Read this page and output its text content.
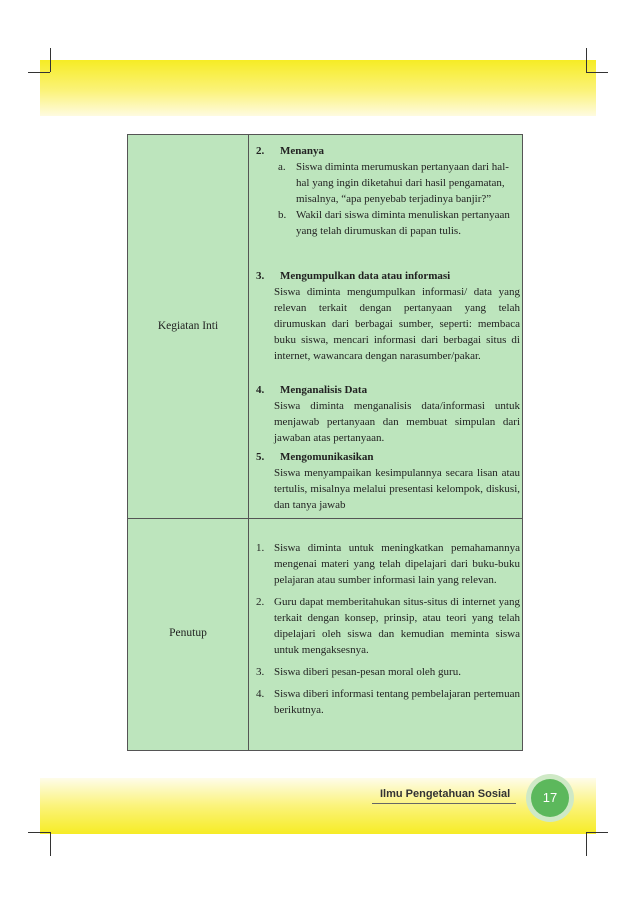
Kegiatan Inti
2. Menanya
a. Siswa diminta merumuskan pertanyaan dari hal-hal yang ingin diketahui dari hasil pengamatan, misalnya, “apa penyebab terjadinya banjir?”
b. Wakil dari siswa diminta menuliskan pertanyaan yang telah dirumuskan di papan tulis.
3. Mengumpulkan data atau informasi
Siswa diminta mengumpulkan informasi/ data yang relevan terkait dengan pertanyaan yang telah dirumuskan dari berbagai sumber, seperti: membaca buku siswa, mencari informasi dari berbagai situs di internet, wawancara dengan narasumber/pakar.
4. Menganalisis Data
Siswa diminta menganalisis data/informasi untuk menjawab pertanyaan dan membuat simpulan dari jawaban atas pertanyaan.
5. Mengomunikasikan
Siswa menyampaikan kesimpulannya secara lisan atau tertulis, misalnya melalui presentasi kelompok, diskusi, dan tanya jawab
Penutup
1. Siswa diminta untuk meningkatkan pemahamannya mengenai materi yang telah dipelajari dari buku-buku pelajaran atau sumber informasi lain yang relevan.
2. Guru dapat memberitahukan situs-situs di internet yang terkait dengan konsep, prinsip, atau teori yang telah dipelajari oleh siswa dan kemudian meminta siswa untuk mengaksesnya.
3. Siswa diberi pesan-pesan moral oleh guru.
4. Siswa diberi informasi tentang pembelajaran pertemuan berikutnya.
Ilmu Pengetahuan Sosial	17
